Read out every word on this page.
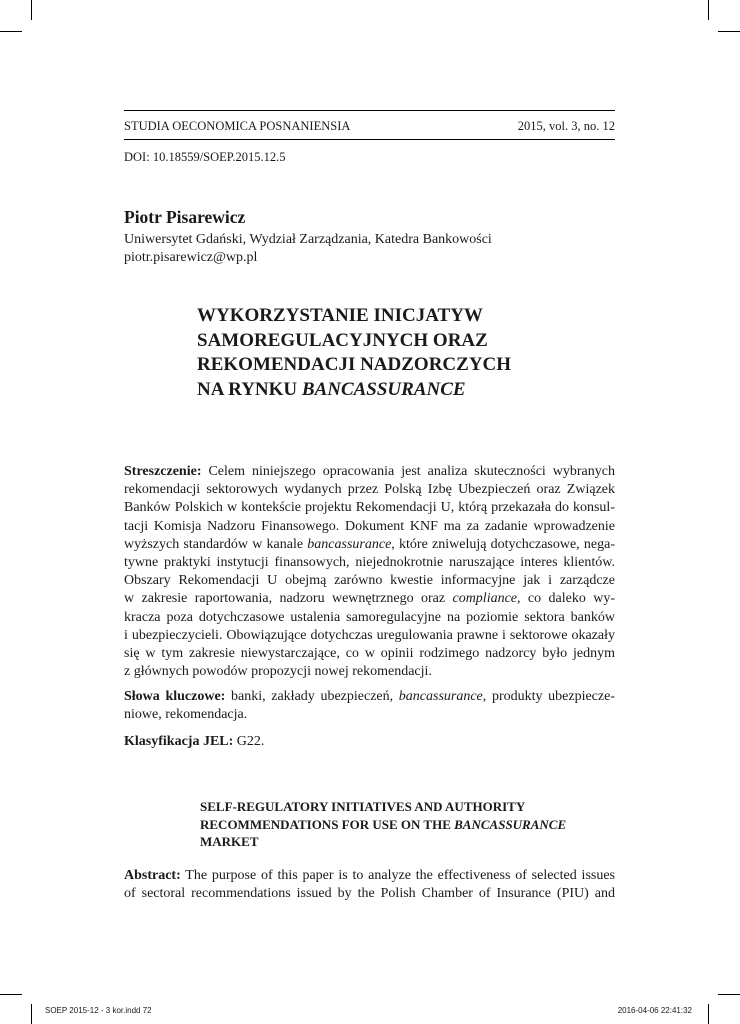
STUDIA OECONOMICA POSNANIENSIA	2015, vol. 3, no. 12
DOI: 10.18559/SOEP.2015.12.5
Piotr Pisarewicz
Uniwersytet Gdański, Wydział Zarządzania, Katedra Bankowości
piotr.pisarewicz@wp.pl
WYKORZYSTANIE INICJATYW
SAMOREGULACYJNYCH ORAZ
REKOMENDACJI NADZORCZYCH
NA RYNKU BANCASSURANCE
Streszczenie: Celem niniejszego opracowania jest analiza skuteczności wybranych
rekomendacji sektorowych wydanych przez Polską Izbę Ubezpieczeń oraz Związek
Banków Polskich w kontekście projektu Rekomendacji U, którą przekazała do konsul-
tacji Komisja Nadzoru Finansowego. Dokument KNF ma za zadanie wprowadzenie
wyższych standardów w kanale bancassurance, które zniwelują dotychczasowe, nega-
tywne praktyki instytucji finansowych, niejednokrotnie naruszające interes klientów.
Obszary Rekomendacji U obejmą zarówno kwestie informacyjne jak i zarządcze
w zakresie raportowania, nadzoru wewnętrznego oraz compliance, co daleko wy-
kracza poza dotychczasowe ustalenia samoregulacyjne na poziomie sektora banków
i ubezpieczycieli. Obowiązujące dotychczas uregulowania prawne i sektorowe okazały
się w tym zakresie niewystarczające, co w opinii rodzimego nadzorcy było jednym
z głównych powodów propozycji nowej rekomendacji.
Słowa kluczowe: banki, zakłady ubezpieczeń, bancassurance, produkty ubezpiecze-
niowe, rekomendacja.
Klasyfikacja JEL: G22.
SELF-REGULATORY INITIATIVES AND AUTHORITY
RECOMMENDATIONS FOR USE ON THE BANCASSURANCE
MARKET
Abstract: The purpose of this paper is to analyze the effectiveness of selected issues
of sectoral recommendations issued by the Polish Chamber of Insurance (PIU) and
SOEP 2015-12 - 3 kor.indd 72	2016-04-06 22:41:32
